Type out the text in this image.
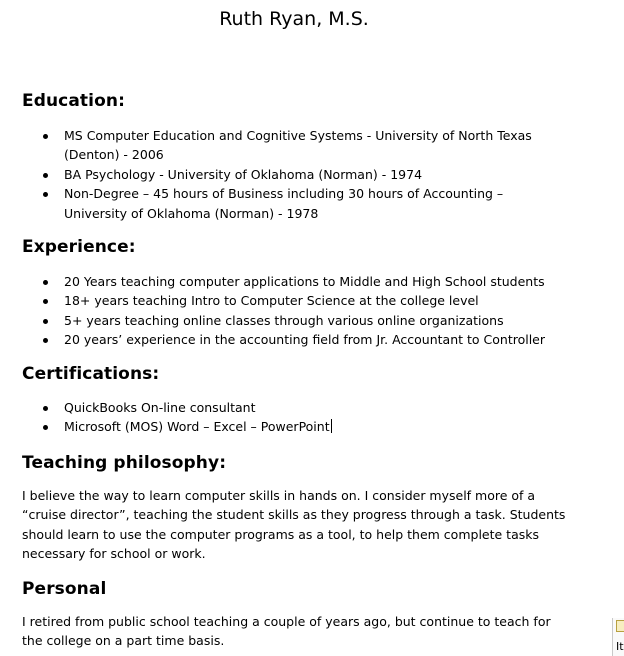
Ruth Ryan, M.S.
Education:
MS Computer Education and Cognitive Systems - University of North Texas (Denton) - 2006
BA Psychology - University of Oklahoma (Norman) - 1974
Non-Degree – 45 hours of Business including 30 hours of Accounting – University of Oklahoma (Norman) - 1978
Experience:
20 Years teaching computer applications to Middle and High School students
18+ years teaching Intro to Computer Science at the college level
5+ years teaching online classes through various online organizations
20 years’ experience in the accounting field from Jr. Accountant to Controller
Certifications:
QuickBooks On-line consultant
Microsoft (MOS) Word – Excel – PowerPoint
Teaching philosophy:

I believe the way to learn computer skills in hands on. I consider myself more of a “cruise director”, teaching the student skills as they progress through a task. Students should learn to use the computer programs as a tool, to help them complete tasks necessary for school or work.

Personal

I retired from public school teaching a couple of years ago, but continue to teach for the college on a part time basis.	It
